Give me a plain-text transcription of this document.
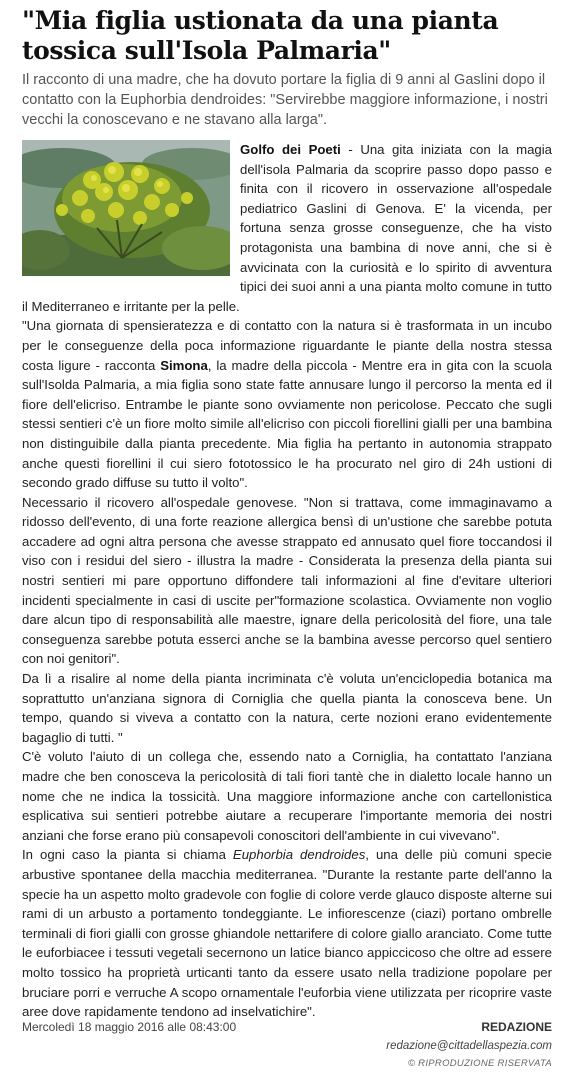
"Mia figlia ustionata da una pianta tossica sull'Isola Palmaria"
Il racconto di una madre, che ha dovuto portare la figlia di 9 anni al Gaslini dopo il contatto con la Euphorbia dendroides: "Servirebbe maggiore informazione, i nostri vecchi la conoscevano e ne stavano alla larga".

Golfo dei Poeti - Una gita iniziata con la magia dell'isola Palmaria da scoprire passo dopo passo e finita con il ricovero in osservazione all'ospedale pediatrico Gaslini di Genova. E' la vicenda, per fortuna senza grosse conseguenze, che ha visto protagonista una bambina di nove anni, che si è avvicinata con la curiosità e lo spirito di avventura tipici dei suoi anni a una pianta molto comune in tutto il Mediterraneo e irritante per la pelle.

"Una giornata di spensieratezza e di contatto con la natura si è trasformata in un incubo per le conseguenze della poca informazione riguardante le piante della nostra stessa costa ligure - racconta Simona, la madre della piccola - Mentre era in gita con la scuola sull'Isolda Palmaria, a mia figlia sono state fatte annusare lungo il percorso la menta ed il fiore dell'elicriso. Entrambe le piante sono ovviamente non pericolose. Peccato che sugli stessi sentieri c'è un fiore molto simile all'elicriso con piccoli fiorellini gialli per una bambina non distinguibile dalla pianta precedente. Mia figlia ha pertanto in autonomia strappato anche questi fiorellini il cui siero fototossico le ha procurato nel giro di 24h ustioni di secondo grado diffuse su tutto il volto".

Necessario il ricovero all'ospedale genovese. "Non si trattava, come immaginavamo a ridosso dell'evento, di una forte reazione allergica bensì di un'ustione che sarebbe potuta accadere ad ogni altra persona che avesse strappato ed annusato quel fiore toccandosi il viso con i residui del siero - illustra la madre - Considerata la presenza della pianta sui nostri sentieri mi pare opportuno diffondere tali informazioni al fine d'evitare ulteriori incidenti specialmente in casi di uscite per"formazione scolastica. Ovviamente non voglio dare alcun tipo di responsabilità alle maestre, ignare della pericolosità del fiore, una tale conseguenza sarebbe potuta esserci anche se la bambina avesse percorso quel sentiero con noi genitori".

Da lì a risalire al nome della pianta incriminata c'è voluta un'enciclopedia botanica ma soprattutto un'anziana signora di Corniglia che quella pianta la conosceva bene. Un tempo, quando si viveva a contatto con la natura, certe nozioni erano evidentemente bagaglio di tutti. "

C'è voluto l'aiuto di un collega che, essendo nato a Corniglia, ha contattato l'anziana madre che ben conosceva la pericolosità di tali fiori tantè che in dialetto locale hanno un nome che ne indica la tossicità. Una maggiore informazione anche con cartellonistica esplicativa sui sentieri potrebbe aiutare a recuperare l'importante memoria dei nostri anziani che forse erano più consapevoli conoscitori dell'ambiente in cui vivevano".

In ogni caso la pianta si chiama Euphorbia dendroides, una delle più comuni specie arbustive spontanee della macchia mediterranea. "Durante la restante parte dell'anno la specie ha un aspetto molto gradevole con foglie di colore verde glauco disposte alterne sui rami di un arbusto a portamento tondeggiante. Le infiorescenze (ciazi) portano ombrelle terminali di fiori gialli con grosse ghiandole nettarifere di colore giallo aranciato. Come tutte le euforbiacee i tessuti vegetali secernono un latice bianco appiccicoso che oltre ad essere molto tossico ha proprietà urticanti tanto da essere usato nella tradizione popolare per bruciare porri e verruche A scopo ornamentale l'euforbia viene utilizzata per ricoprire vaste aree dove rapidamente tendono ad inselvatichire".

Mercoledì 18 maggio 2016 alle 08:43:00	REDAZIONE
redazione@cittadellaspezia.com
© RIPRODUZIONE RISERVATA
